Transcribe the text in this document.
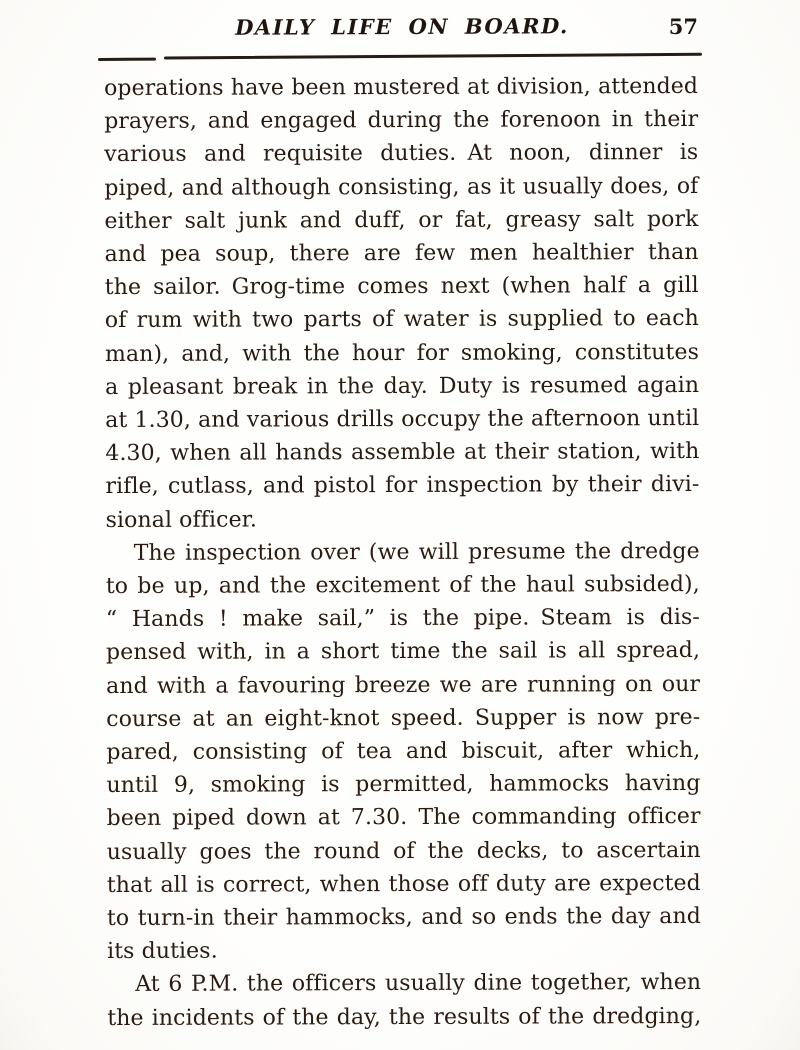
DAILY LIFE ON BOARD.	57
operations have been mustered at division, attended
prayers, and engaged during the forenoon in their
various and requisite duties. At noon, dinner is
piped, and although consisting, as it usually does, of
either salt junk and duff, or fat, greasy salt pork
and pea soup, there are few men healthier than
the sailor. Grog-time comes next (when half a gill
of rum with two parts of water is supplied to each
man), and, with the hour for smoking, constitutes
a pleasant break in the day. Duty is resumed again
at 1.30, and various drills occupy the afternoon until
4.30, when all hands assemble at their station, with
rifle, cutlass, and pistol for inspection by their divi-
sional officer.
The inspection over (we will presume the dredge
to be up, and the excitement of the haul subsided),
“ Hands ! make sail,” is the pipe. Steam is dis-
pensed with, in a short time the sail is all spread,
and with a favouring breeze we are running on our
course at an eight-knot speed. Supper is now pre-
pared, consisting of tea and biscuit, after which,
until 9, smoking is permitted, hammocks having
been piped down at 7.30. The commanding officer
usually goes the round of the decks, to ascertain
that all is correct, when those off duty are expected
to turn-in their hammocks, and so ends the day and
its duties.
At 6 P.M. the officers usually dine together, when
the incidents of the day, the results of the dredging,
